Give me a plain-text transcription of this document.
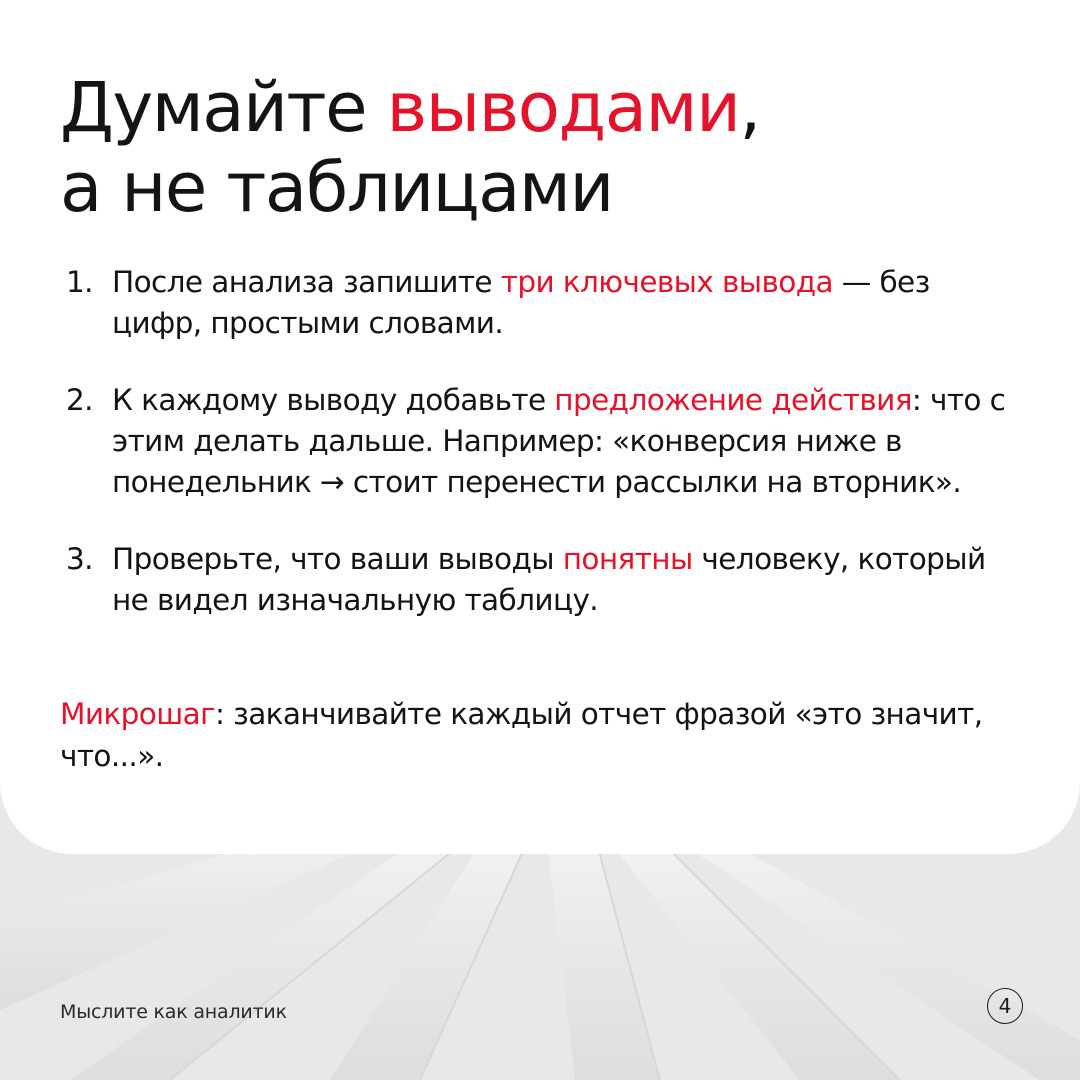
Думайте выводами,
а не таблицами
1. После анализа запишите три ключевых вывода — без цифр, простыми словами.
2. К каждому выводу добавьте предложение действия: что с этим делать дальше. Например: «конверсия ниже в понедельник → стоит перенести рассылки на вторник».
3. Проверьте, что ваши выводы понятны человеку, который не видел изначальную таблицу.

Микрошаг: заканчивайте каждый отчет фразой «это значит, что...».

Мыслите как аналитик	4
